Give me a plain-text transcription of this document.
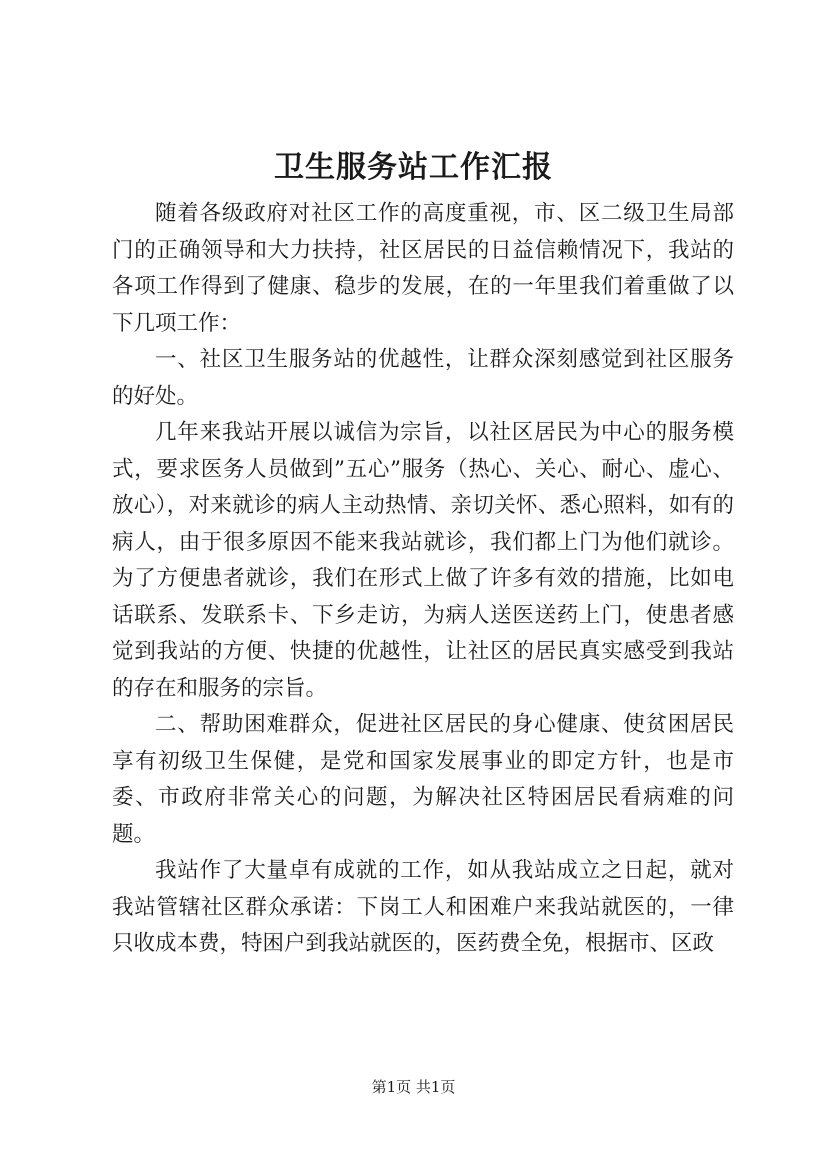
卫生服务站工作汇报

随着各级政府对社区工作的高度重视，市、区二级卫生局部门的正确领导和大力扶持，社区居民的日益信赖情况下，我站的各项工作得到了健康、稳步的发展，在的一年里我们着重做了以下几项工作：

一、社区卫生服务站的优越性，让群众深刻感觉到社区服务的好处。

几年来我站开展以诚信为宗旨，以社区居民为中心的服务模式，要求医务人员做到”五心”服务（热心、关心、耐心、虚心、放心），对来就诊的病人主动热情、亲切关怀、悉心照料，如有的病人，由于很多原因不能来我站就诊，我们都上门为他们就诊。为了方便患者就诊，我们在形式上做了许多有效的措施，比如电话联系、发联系卡、下乡走访，为病人送医送药上门，使患者感觉到我站的方便、快捷的优越性，让社区的居民真实感受到我站的存在和服务的宗旨。

二、帮助困难群众，促进社区居民的身心健康、使贫困居民享有初级卫生保健，是党和国家发展事业的即定方针，也是市委、市政府非常关心的问题，为解决社区特困居民看病难的问题。

我站作了大量卓有成就的工作，如从我站成立之日起，就对我站管辖社区群众承诺：下岗工人和困难户来我站就医的，一律只收成本费，特困户到我站就医的，医药费全免，根据市、区政

第1页 共1页
